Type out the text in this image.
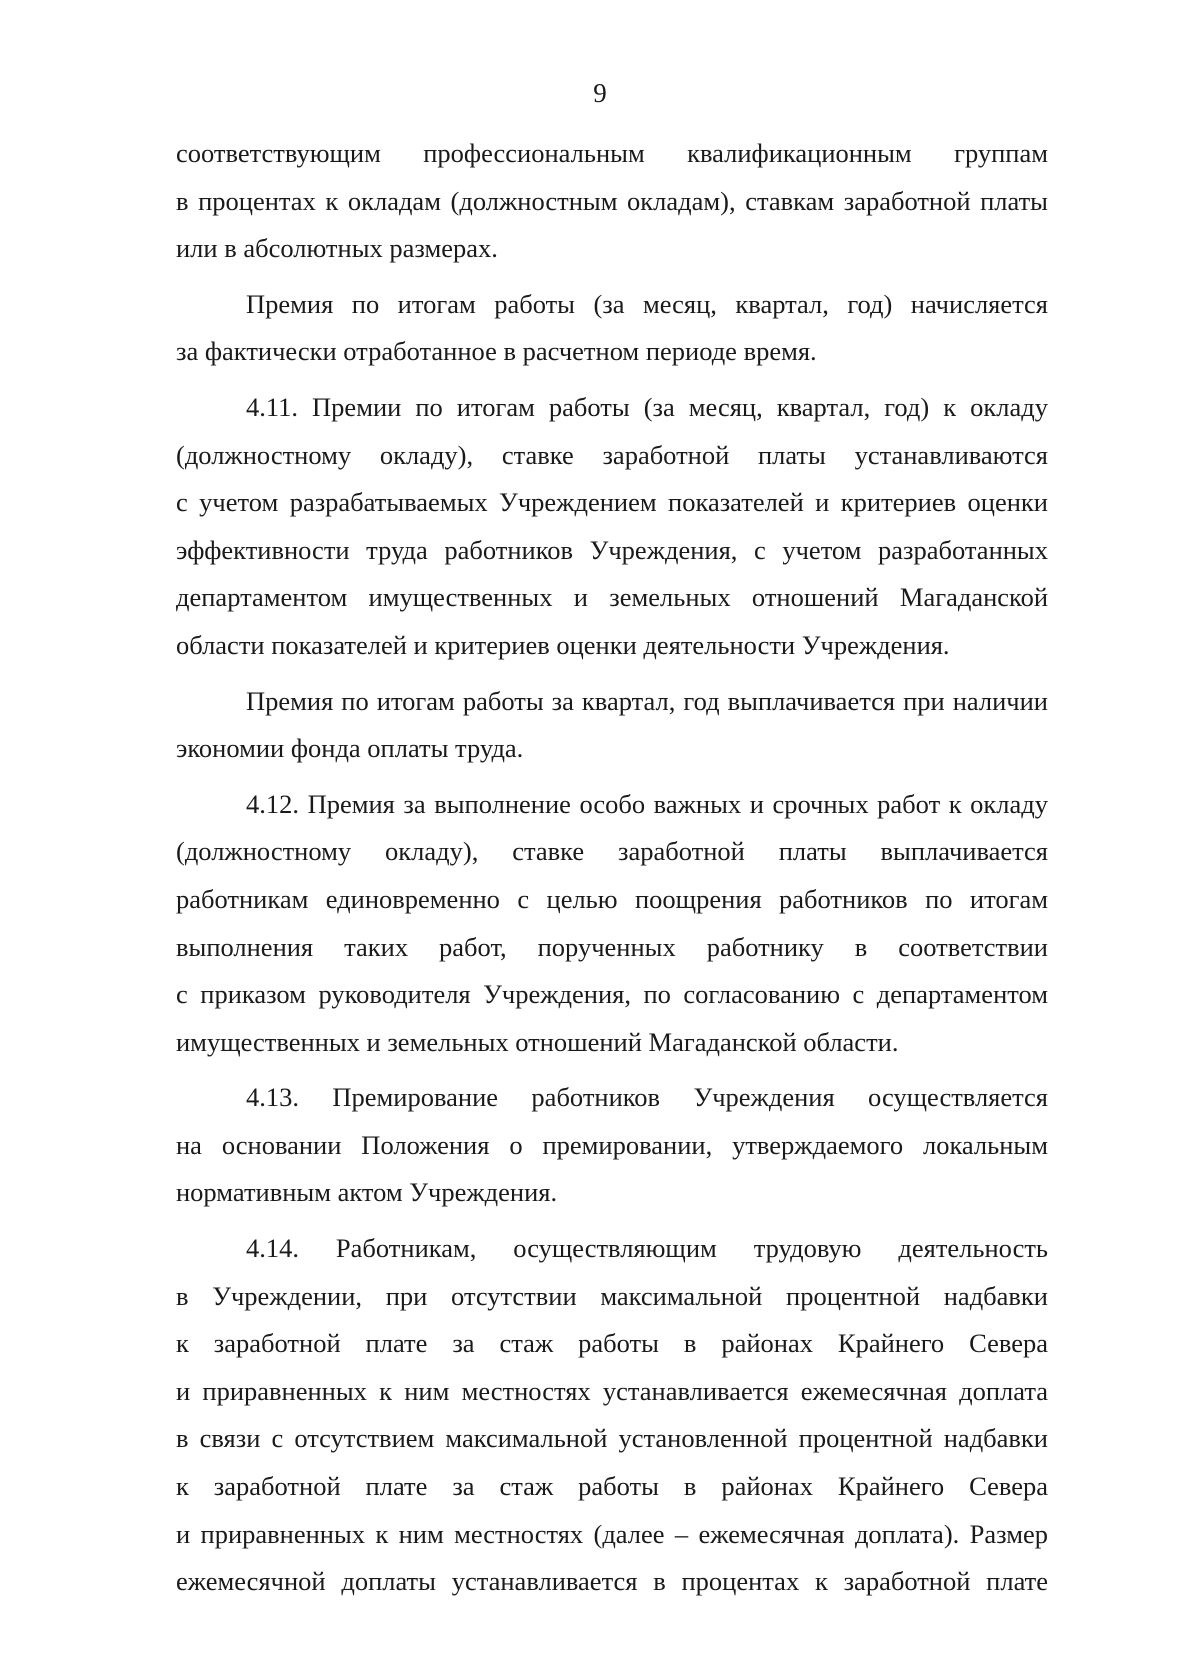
9

соответствующим профессиональным квалификационным группам

в процентах к окладам (должностным окладам), ставкам заработной платы

или в абсолютных размерах.

Премия по итогам работы (за месяц, квартал, год) начисляется

за фактически отработанное в расчетном периоде время.

4.11. Премии по итогам работы (за месяц, квартал, год) к окладу

(должностному окладу), ставке заработной платы устанавливаются

с учетом разрабатываемых Учреждением показателей и критериев оценки

эффективности труда работников Учреждения, с учетом разработанных

департаментом имущественных и земельных отношений Магаданской

области показателей и критериев оценки деятельности Учреждения.

Премия по итогам работы за квартал, год выплачивается при наличии

экономии фонда оплаты труда.

4.12. Премия за выполнение особо важных и срочных работ к окладу

(должностному окладу), ставке заработной платы выплачивается

работникам единовременно с целью поощрения работников по итогам

выполнения таких работ, порученных работнику в соответствии

с приказом руководителя Учреждения, по согласованию с департаментом

имущественных и земельных отношений Магаданской области.

4.13. Премирование работников Учреждения осуществляется

на основании Положения о премировании, утверждаемого локальным

нормативным актом Учреждения.

4.14. Работникам, осуществляющим трудовую деятельность

в Учреждении, при отсутствии максимальной процентной надбавки

к заработной плате за стаж работы в районах Крайнего Севера

и приравненных к ним местностях устанавливается ежемесячная доплата

в связи с отсутствием максимальной установленной процентной надбавки

к заработной плате за стаж работы в районах Крайнего Севера

и приравненных к ним местностях (далее – ежемесячная доплата). Размер

ежемесячной доплаты устанавливается в процентах к заработной плате
